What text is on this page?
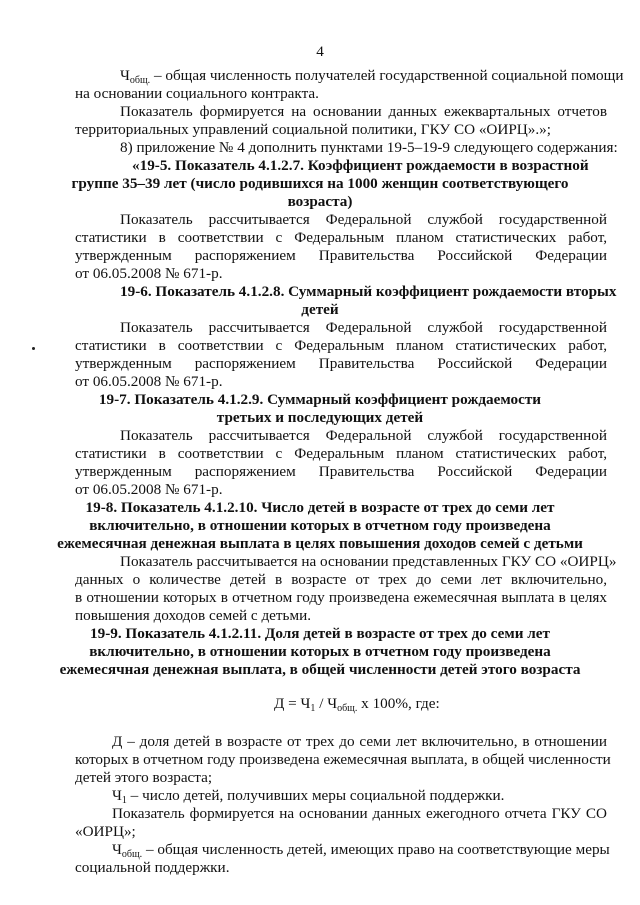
4
$Ч_{общ.}$ – общая численность получателей государственной социальной помощи
на основании социального контракта.
Показатель формируется на основании данных ежеквартальных отчетов
территориальных управлений социальной политики, ГКУ СО «ОИРЦ».»;
8) приложение № 4 дополнить пунктами 19-5–19-9 следующего содержания:
«19-5. Показатель 4.1.2.7. Коэффициент рождаемости в возрастной
группе 35–39 лет (число родившихся на 1000 женщин соответствующего
возраста)
Показатель рассчитывается Федеральной службой государственной
статистики в соответствии с Федеральным планом статистических работ,
утвержденным распоряжением Правительства Российской Федерации
от 06.05.2008 № 671-р.
19-6. Показатель 4.1.2.8. Суммарный коэффициент рождаемости вторых
детей
Показатель рассчитывается Федеральной службой государственной
статистики в соответствии с Федеральным планом статистических работ,
утвержденным распоряжением Правительства Российской Федерации
от 06.05.2008 № 671-р.
19-7. Показатель 4.1.2.9. Суммарный коэффициент рождаемости
третьих и последующих детей
Показатель рассчитывается Федеральной службой государственной
статистики в соответствии с Федеральным планом статистических работ,
утвержденным распоряжением Правительства Российской Федерации
от 06.05.2008 № 671-р.
19-8. Показатель 4.1.2.10. Число детей в возрасте от трех до семи лет
включительно, в отношении которых в отчетном году произведена
ежемесячная денежная выплата в целях повышения доходов семей с детьми
Показатель рассчитывается на основании представленных ГКУ СО «ОИРЦ»
данных о количестве детей в возрасте от трех до семи лет включительно,
в отношении которых в отчетном году произведена ежемесячная выплата в целях
повышения доходов семей с детьми.
19-9. Показатель 4.1.2.11. Доля детей в возрасте от трех до семи лет
включительно, в отношении которых в отчетном году произведена
ежемесячная денежная выплата, в общей численности детей этого возраста
$Д = Ч_1 / Ч_{общ.}$ х 100%, где:
Д – доля детей в возрасте от трех до семи лет включительно, в отношении
которых в отчетном году произведена ежемесячная выплата, в общей численности
детей этого возраста;
$Ч_1$ – число детей, получивших меры социальной поддержки.
Показатель формируется на основании данных ежегодного отчета ГКУ СО
«ОИРЦ»;
$Ч_{общ.}$ – общая численность детей, имеющих право на соответствующие меры
социальной поддержки.
